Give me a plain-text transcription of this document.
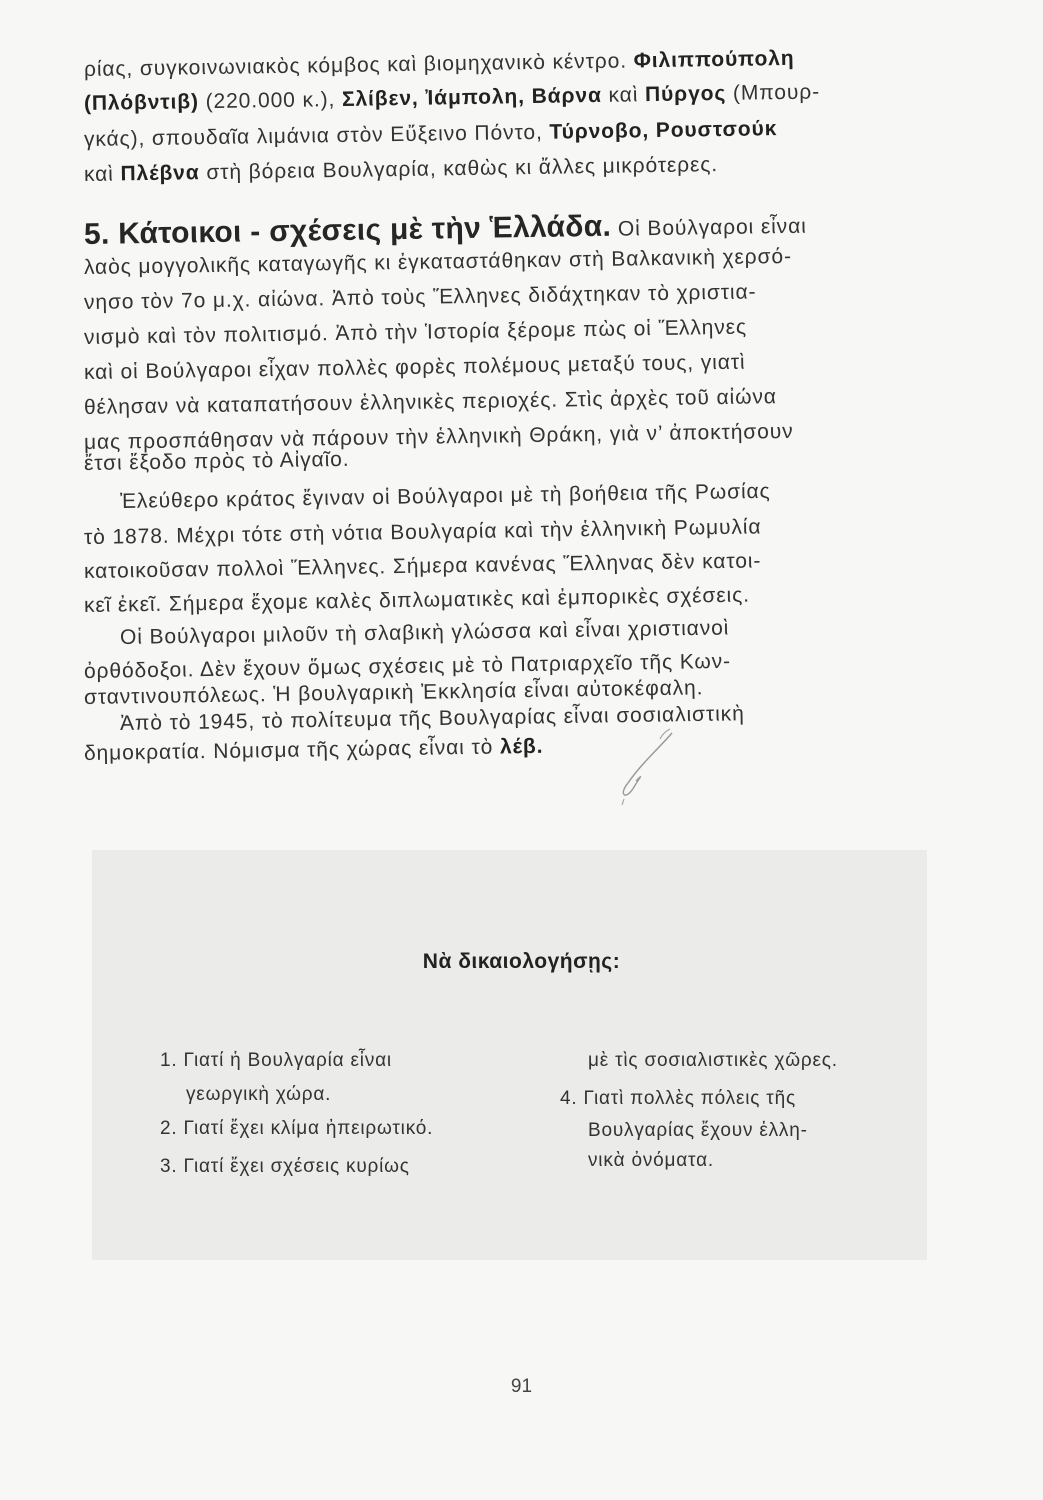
ρίας, συγκοινωνιακὸς κόμβος καὶ βιομηχανικὸ κέντρο. Φιλιππούπολη
(Πλόβντιβ) (220.000 κ.), Σλίβεν, Ἰάμπολη, Βάρνα καὶ Πύργος (Μπουρ-
γκάς), σπουδαῖα λιμάνια στὸν Εὔξεινο Πόντο, Τύρνοβο, Ρουστσούκ
καὶ Πλέβνα στὴ βόρεια Βουλγαρία, καθὼς κι ἄλλες μικρότερες.
5. Κάτοικοι - σχέσεις μὲ τὴν Ἑλλάδα. Οἱ Βούλγαροι εἶναι
λαὸς μογγολικῆς καταγωγῆς κι ἐγκαταστάθηκαν στὴ Βαλκανικὴ χερσό-
νησο τὸν 7ο μ.χ. αἰώνα. Ἀπὸ τοὺς Ἕλληνες διδάχτηκαν τὸ χριστια-
νισμὸ καὶ τὸν πολιτισμό. Ἀπὸ τὴν Ἱστορία ξέρομε πὼς οἱ Ἕλληνες
καὶ οἱ Βούλγαροι εἶχαν πολλὲς φορὲς πολέμους μεταξύ τους, γιατὶ
θέλησαν νὰ καταπατήσουν ἑλληνικὲς περιοχές. Στὶς ἀρχὲς τοῦ αἰώνα
μας προσπάθησαν νὰ πάρουν τὴν ἑλληνικὴ Θράκη, γιὰ ν’ ἀποκτήσουν
ἔτσι ἔξοδο πρὸς τὸ Αἰγαῖο.
Ἐλεύθερο κράτος ἔγιναν οἱ Βούλγαροι μὲ τὴ βοήθεια τῆς Ρωσίας
τὸ 1878. Μέχρι τότε στὴ νότια Βουλγαρία καὶ τὴν ἑλληνικὴ Ρωμυλία
κατοικοῦσαν πολλοὶ Ἕλληνες. Σήμερα κανένας Ἕλληνας δὲν κατοι-
κεῖ ἐκεῖ. Σήμερα ἔχομε καλὲς διπλωματικὲς καὶ ἐμπορικὲς σχέσεις.
Οἱ Βούλγαροι μιλοῦν τὴ σλαβικὴ γλώσσα καὶ εἶναι χριστιανοὶ
ὀρθόδοξοι. Δὲν ἔχουν ὅμως σχέσεις μὲ τὸ Πατριαρχεῖο τῆς Κων-
σταντινουπόλεως. Ἡ βουλγαρικὴ Ἐκκλησία εἶναι αὐτοκέφαλη.
Ἀπὸ τὸ 1945, τὸ πολίτευμα τῆς Βουλγαρίας εἶναι σοσιαλιστικὴ
δημοκρατία. Νόμισμα τῆς χώρας εἶναι τὸ λέβ.
Νὰ δικαιολογήσῃς:
1. Γιατί ἡ Βουλγαρία εἶναι
γεωργικὴ χώρα.
2. Γιατί ἔχει κλίμα ἠπειρωτικό.
3. Γιατί ἔχει σχέσεις κυρίως
μὲ τὶς σοσιαλιστικὲς χῶρες.
4. Γιατὶ πολλὲς πόλεις τῆς
Βουλγαρίας ἔχουν ἑλλη-
νικὰ ὀνόματα.
91
